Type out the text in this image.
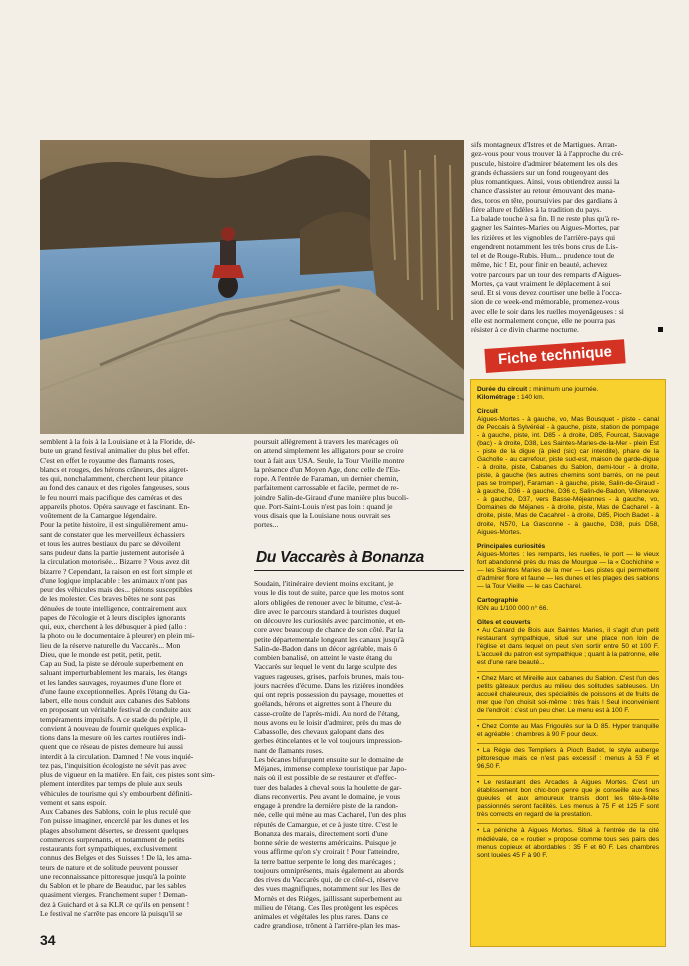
semblent à la fois à la Louisiane et à la Floride, dé-
bute un grand festival animalier du plus bel effet.
C'est en effet le royaume des flamants roses,
blancs et rouges, des hérons crâneurs, des aigret-
tes qui, nonchalamment, cherchent leur pitance
au fond des canaux et des rigoles fangeuses, sous
le feu nourri mais pacifique des caméras et des
appareils photos. Opéra sauvage et fascinant. En-
voûtement de la Camargue légendaire.
Pour la petite histoire, il est singulièrement amu-
sant de constater que les merveilleux échassiers
et tous les autres bestiaux du parc se dévoilent
sans pudeur dans la partie justement autorisée à
la circulation motorisée... Bizarre ? Vous avez dit
bizarre ? Cependant, la raison en est fort simple et
d'une logique implacable : les animaux n'ont pas
peur des véhicules mais des... piétons susceptibles
de les molester. Ces braves bêtes ne sont pas
dénuées de toute intelligence, contrairement aux
papes de l'écologie et à leurs disciples ignorants
qui, eux, cherchent à les débusquer à pied (allo :
la photo ou le documentaire à pleurer) en plein mi-
lieu de la réserve naturelle du Vaccarès... Mon
Dieu, que le monde est petit, petit, petit.
Cap au Sud, la piste se déroule superbement en
saluant imperturbablement les marais, les étangs
et les landes sauvages, royaumes d'une flore et
d'une faune exceptionnelles. Après l'étang du Ga-
labert, elle nous conduit aux cabanes des Sablons
en proposant un véritable festival de conduite aux
tempéraments impulsifs. A ce stade du périple, il
convient à nouveau de fournir quelques explica-
tions dans la mesure où les cartes routières indi-
quent que ce réseau de pistes demeure lui aussi
interdit à la circulation. Damned ! Ne vous inquié-
tez pas, l'inquisition écologiste ne sévit pas avec
plus de vigueur en la matière. En fait, ces pistes sont sim-
plement interdites par temps de pluie aux seuls
véhicules de tourisme qui s'y embourbent définiti-
vement et sans espoir.
Aux Cabanes des Sablons, coin le plus reculé que
l'on puisse imaginer, encerclé par les dunes et les
plages absolument désertes, se dressent quelques
commerces surprenants, et notamment de petits
restaurants fort sympathiques, exclusivement
connus des Belges et des Suisses ! De là, les ama-
teurs de nature et de solitude peuvent pousser
une reconnaissance pittoresque jusqu'à la pointe
du Sablon et le phare de Beauduc, par les sables
quasiment vierges. Franchement super ! Deman-
dez à Guichard et à sa KLR ce qu'ils en pensent !
Le festival ne s'arrête pas encore là puisqu'il se
poursuit allègrement à travers les marécages où
on attend simplement les alligators pour se croire
tout à fait aux USA. Seule, la Tour Vieille montre
la présence d'un Moyen Age, donc celle de l'Eu-
rope. A l'entrée de Faraman, un dernier chemin,
parfaitement carrossable et facile, permet de re-
joindre Salin-de-Giraud d'une manière plus bucoli-
que. Port-Saint-Louis n'est pas loin : quand je
vous disais que la Louisiane nous ouvrait ses
portes...
Du Vaccarès à Bonanza
Soudain, l'itinéraire devient moins excitant, je
vous le dis tout de suite, parce que les motos sont
alors obligées de renouer avec le bitume, c'est-à-
dire avec le parcours standard à touristes duquel
on découvre les curiosités avec parcimonie, et en-
core avec beaucoup de chance de son côté. Par la
petite départementale longeant les canaux jusqu'à
Salin-de-Badon dans un décor agréable, mais ô
combien banalisé, on atteint le vaste étang du
Vaccarès sur lequel le vent du large sculpte des
vagues rageuses, grises, parfois brunes, mais tou-
jours nacrées d'écume. Dans les rizières inondées
qui ont repris possession du paysage, mouettes et
goélands, hérons et aigrettes sont à l'heure du
casse-croûte de l'après-midi. Au nord de l'étang,
nous avons eu le loisir d'admirer, près du mas de
Cabassolle, des chevaux galopant dans des
gerbes étincelantes et le vol toujours impression-
nant de flamants roses.
Les bécanes bifurquent ensuite sur le domaine de
Méjanes, immense complexe touristique par Japo-
nais où il est possible de se restaurer et d'effec-
tuer des balades à cheval sous la houlette de gar-
dians reconvertis. Peu avant le domaine, je vous
engage à prendre la dernière piste de la randon-
née, celle qui mène au mas Cacharel, l'un des plus
réputés de Camargue, et ce à juste titre. C'est le
Bonanza des marais, directement sorti d'une
bonne série de westerns américains. Puisque je
vous affirme qu'on s'y croirait ! Pour l'atteindre,
la terre battue serpente le long des marécages ;
toujours omniprésents, mais également au abords
des rives du Vaccarès qui, de ce côté-ci, réserve
des vues magnifiques, notamment sur les îles de
Mornès et des Riéges, jaillissant superbement au
milieu de l'étang. Ces îles protègent les espèces
animales et végétales les plus rares. Dans ce
cadre grandiose, trônent à l'arrière-plan les mas-
sifs montagneux d'Istres et de Martigues. Arran-
gez-vous pour vous trouver là à l'approche du cré-
puscule, histoire d'admirer béatement les ols des
grands échassiers sur un fond rougeoyant des
plus romantiques. Ainsi, vous obtiendrez aussi la
chance d'assister au retour émouvant des mana-
des, toros en tête, poursuivies par des gardians à
fière allure et fidèles à la tradition du pays.
La balade touche à sa fin. Il ne reste plus qu'à re-
gagner les Saintes-Maries ou Aigues-Mortes, par
les rizières et les vignobles de l'arrière-pays qui
engendrent notamment les très bons crus de Lis-
tel et de Rouge-Rubis. Hum... prudence tout de
même, hic ! Et, pour finir en beauté, achevez
votre parcours par un tour des remparts d'Aigues-
Mortes, ça vaut vraiment le déplacement à soi
seul. Et si vous devez courtiser une belle à l'occa-
sion de ce week-end mémorable, promenez-vous
avec elle le soir dans les ruelles moyenâgeuses : si
elle est normalement conçue, elle ne pourra pas
résister à ce divin charme nocturne.
Fiche technique
Durée du circuit : minimum une journée.
Kilométrage : 140 km.
Circuit
Aigues-Mortes - à gauche, vo, Mas Bousquet - piste - canal de Peccais à Sylvéréal - à gauche, piste, station de pompage - à gauche, piste, int. D85 - à droite, D85, Fourcat, Sauvage (bac) - à droite, D38, Les Saintes-Maries-de-la-Mer - plein Est - piste de la digue (à pied (sic) car interdite), phare de la Gacholle - au carrefour, piste sud-est, maison de garde-digue - à droite, piste, Cabanes du Sablon, demi-tour - à droite, piste, à gauche (les autres chemins sont barrés, on ne peut pas se tromper), Faraman - à gauche, piste, Salin-de-Giraud - à gauche, D36 - à gauche, D36 c, Salin-de-Badon, Villeneuve - à gauche, D37, vers Basse-Méjeannes - à gauche, vo, Domaines de Méjanes - à droite, piste, Mas de Cacharel - à droite, piste, Mas de Cacahrel - à droite, D85, Pioch Badet - à droite, N570, La Gasconne - à gauche, D38, puis D58, Aigues-Mortes.
Principales curiosités
Aigues-Mortes : les remparts, les ruelles, le port — le vieux fort abandonné près du mas de Mourgue — la « Cochichine » — les Saintes Maries de la mer — Les pistes qui permettent d'admirer flore et faune — les dunes et les plages des sablons — la Tour Vieille — le cas Cacharel.
Cartographie
IGN au 1/100 000 n° 66.
Gîtes et couverts
• Au Canard de Bois aux Saintes Maries, il s'agit d'un petit restaurant sympathique, situé sur une place non loin de l'église et dans lequel on peut s'en sortir entre 50 et 100 F. L'accueil du patron est sympathique ; quant à la patronne, elle est d'une rare beauté...
• Chez Marc et Mireille aux cabanes du Sablon. C'est l'un des petits gâteaux perdus au milieu des solitudes sableuses. Un accueil chaleureux, des spécialités de poissons et de fruits de mer que l'on choisit soi-même : très frais ! Seul inconvénient de l'endroit : c'est un peu cher. Le menu est à 100 F.
• Chez Comte au Mas Frigoulès sur la D 85. Hyper tranquille et agréable : chambres à 90 F pour deux.
• La Régie des Templiers à Pioch Badet, le style auberge pittoresque mais ce n'est pas excessif : menus à 53 F et 96,50 F.
• Le restaurant des Arcades à Aigues Mortes. C'est un établissement bon chic-bon genre que je conseille aux fines gueules et aux amoureux transis dont les tête-à-tête passionnés seront facilités. Les menus à 75 F et 125 F sont très corrects en regard de la prestation.
• La péniche à Aigues Mortes. Situé à l'entrée de la cité médiévale, ce « routier » propose comme tous ses pairs des menus copieux et abordables : 35 F et 60 F. Les chambres sont louées 45 F à 90 F.
34
